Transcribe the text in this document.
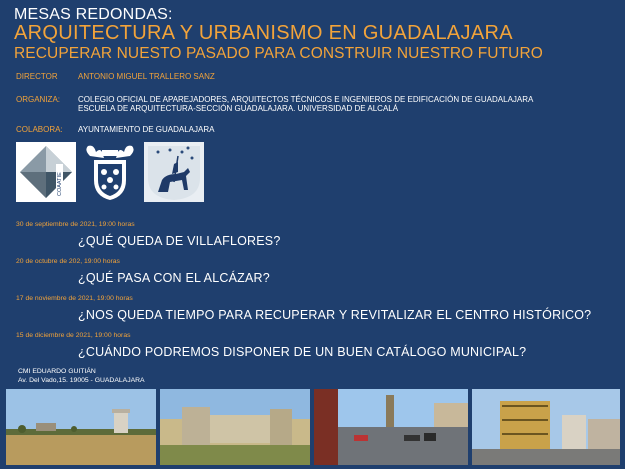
MESAS REDONDAS:
ARQUITECTURA Y URBANISMO EN GUADALAJARA
RECUPERAR NUESTO PASADO PARA CONSTRUIR NUESTRO FUTURO
DIRECTOR	ANTONIO MIGUEL TRALLERO SANZ
ORGANIZA: COLEGIO OFICIAL DE APAREJADORES, ARQUITECTOS TÉCNICOS E INGENIEROS DE EDIFICACIÓN DE GUADALAJARA
ESCUELA DE ARQUITECTURA-SECCIÓN GUADALAJARA. UNIVERSIDAD DE ALCALÁ
COLABORA: AYUNTAMIENTO DE GUADALAJARA
COAATIE
30 de septiembre de 2021, 19:00 horas
¿QUÉ QUEDA DE VILLAFLORES?
20 de octubre de 202, 19:00 horas
¿QUÉ PASA CON EL ALCÁZAR?
17 de noviembre de 2021, 19:00 horas
¿NOS QUEDA TIEMPO PARA RECUPERAR Y REVITALIZAR EL CENTRO HISTÓRICO?
15 de diciembre de 2021, 19:00 horas
¿CUÁNDO PODREMOS DISPONER DE UN BUEN CATÁLOGO MUNICIPAL?
CMI EDUARDO GUITIÁN
Av. Del Vado,15. 19005 - GUADALAJARA
